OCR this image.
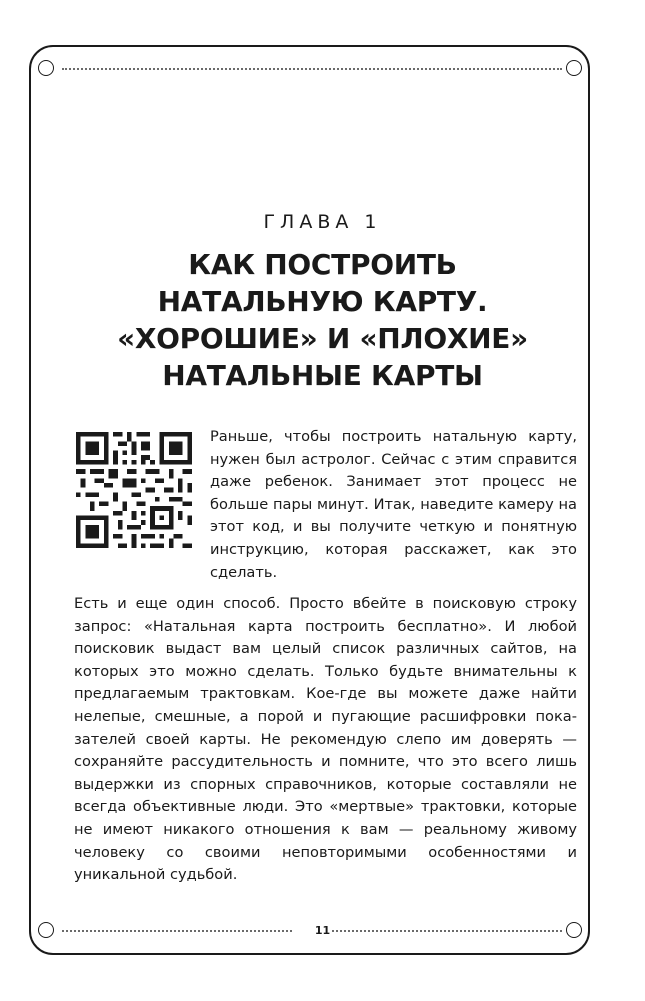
ГЛАВА 1
КАК ПОСТРОИТЬ
НАТАЛЬНУЮ КАРТУ.
«ХОРОШИЕ» И «ПЛОХИЕ»
НАТАЛЬНЫЕ КАРТЫ
Раньше, чтобы построить натальную карту, нужен был астролог. Сейчас с этим справится даже ребенок. Занимает этот процесс не больше пары минут. Итак, наведите камеру на этот код, и вы получите четкую и понятную инструкцию, которая расскажет, как это сделать.
Есть и еще один способ. Просто вбейте в поисковую строку запрос: «Натальная карта построить бесплатно». И любой поисковик выдаст вам целый список различных сайтов, на которых это можно сделать. Только будьте внимательны к предлагаемым трактовкам. Кое-где вы можете даже найти нелепые, смешные, а порой и пугающие расшифровки показателей своей карты. Не рекомендую слепо им доверять — сохраняйте рассудительность и помните, что это всего лишь выдержки из спорных справочников, которые составляли не всегда объективные люди. Это «мертвые» трактовки, которые не имеют никакого отношения к вам — реальному живому человеку со своими неповторимыми особенностями и уникальной судьбой.
11
